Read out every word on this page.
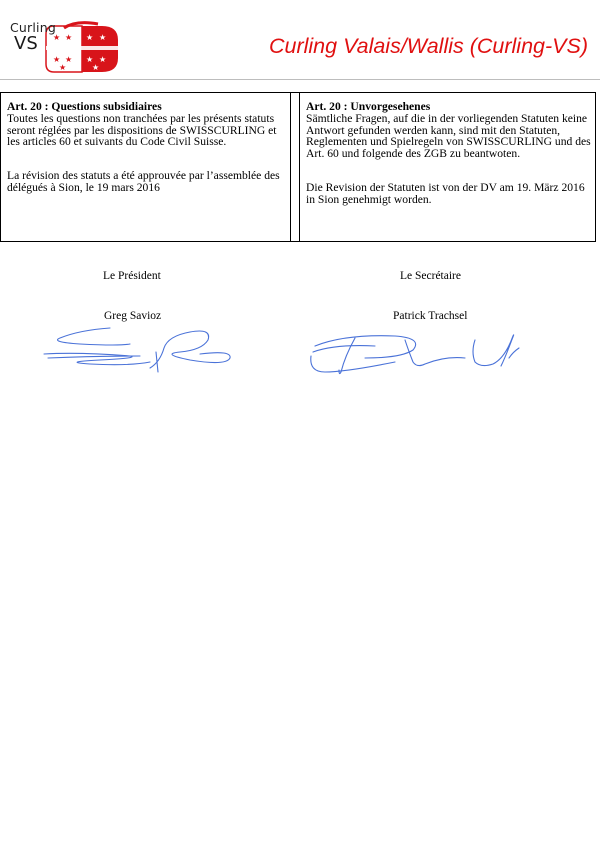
★ ★
★ ★
★
★ ★
★ ★
★
Curling
VS	Curling Valais/Wallis (Curling-VS)
Art. 20 : Questions subsidiaires
Toutes les questions non tranchées par les présents statuts seront réglées par les dispositions de SWISSCURLING et les articles 60 et suivants du Code Civil Suisse.
La révision des statuts a été approuvée par l’assemblée des délégués à Sion, le 19 mars 2016
Art. 20 : Unvorgesehenes
Sämtliche Fragen, auf die in der vorliegenden Statuten keine Antwort gefunden werden kann, sind mit den Statuten, Reglementen und Spielregeln von SWISSCURLING und des Art. 60 und folgende des ZGB zu beantwoten.
Die Revision der Statuten ist von der DV am 19. März 2016 in Sion genehmigt worden.
Le Président
Greg Savioz
Le Secrétaire
Patrick Trachsel
